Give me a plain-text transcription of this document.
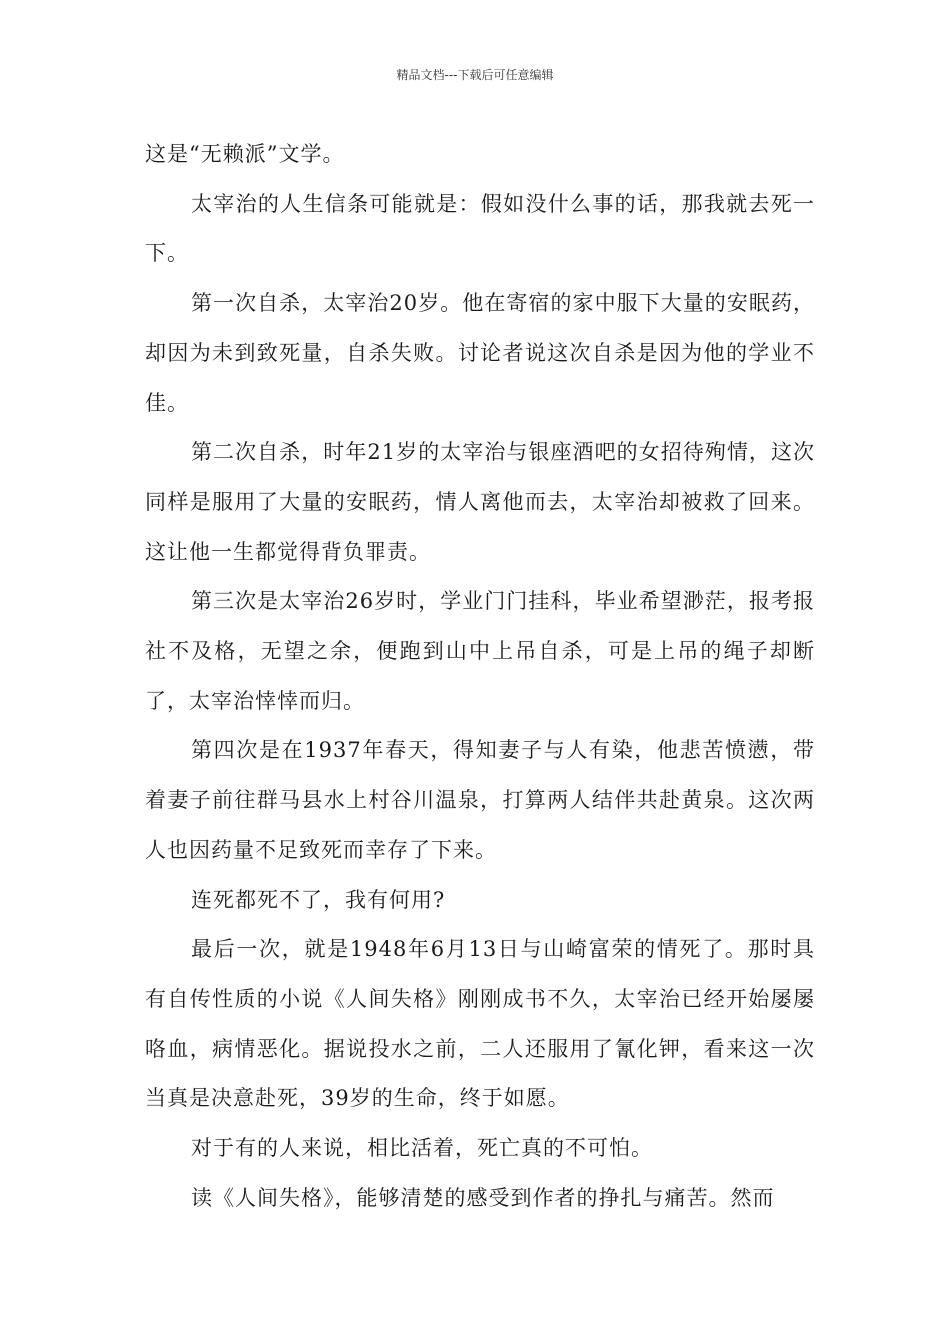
精品文档---下载后可任意编辑

这是“无赖派”文学。

太宰治的人生信条可能就是：假如没什么事的话，那我就去死一下。

第一次自杀，太宰治20岁。他在寄宿的家中服下大量的安眠药，却因为未到致死量，自杀失败。讨论者说这次自杀是因为他的学业不佳。

第二次自杀，时年21岁的太宰治与银座酒吧的女招待殉情，这次同样是服用了大量的安眠药，情人离他而去，太宰治却被救了回来。这让他一生都觉得背负罪责。

第三次是太宰治26岁时，学业门门挂科，毕业希望渺茫，报考报社不及格，无望之余，便跑到山中上吊自杀，可是上吊的绳子却断了，太宰治悻悻而归。

第四次是在1937年春天，得知妻子与人有染，他悲苦愤懑，带着妻子前往群马县水上村谷川温泉，打算两人结伴共赴黄泉。这次两人也因药量不足致死而幸存了下来。

连死都死不了，我有何用?

最后一次，就是1948年6月13日与山崎富荣的情死了。那时具有自传性质的小说《人间失格》刚刚成书不久，太宰治已经开始屡屡咯血，病情恶化。据说投水之前，二人还服用了氰化钾，看来这一次当真是决意赴死，39岁的生命，终于如愿。

对于有的人来说，相比活着，死亡真的不可怕。

读《人间失格》，能够清楚的感受到作者的挣扎与痛苦。然而
